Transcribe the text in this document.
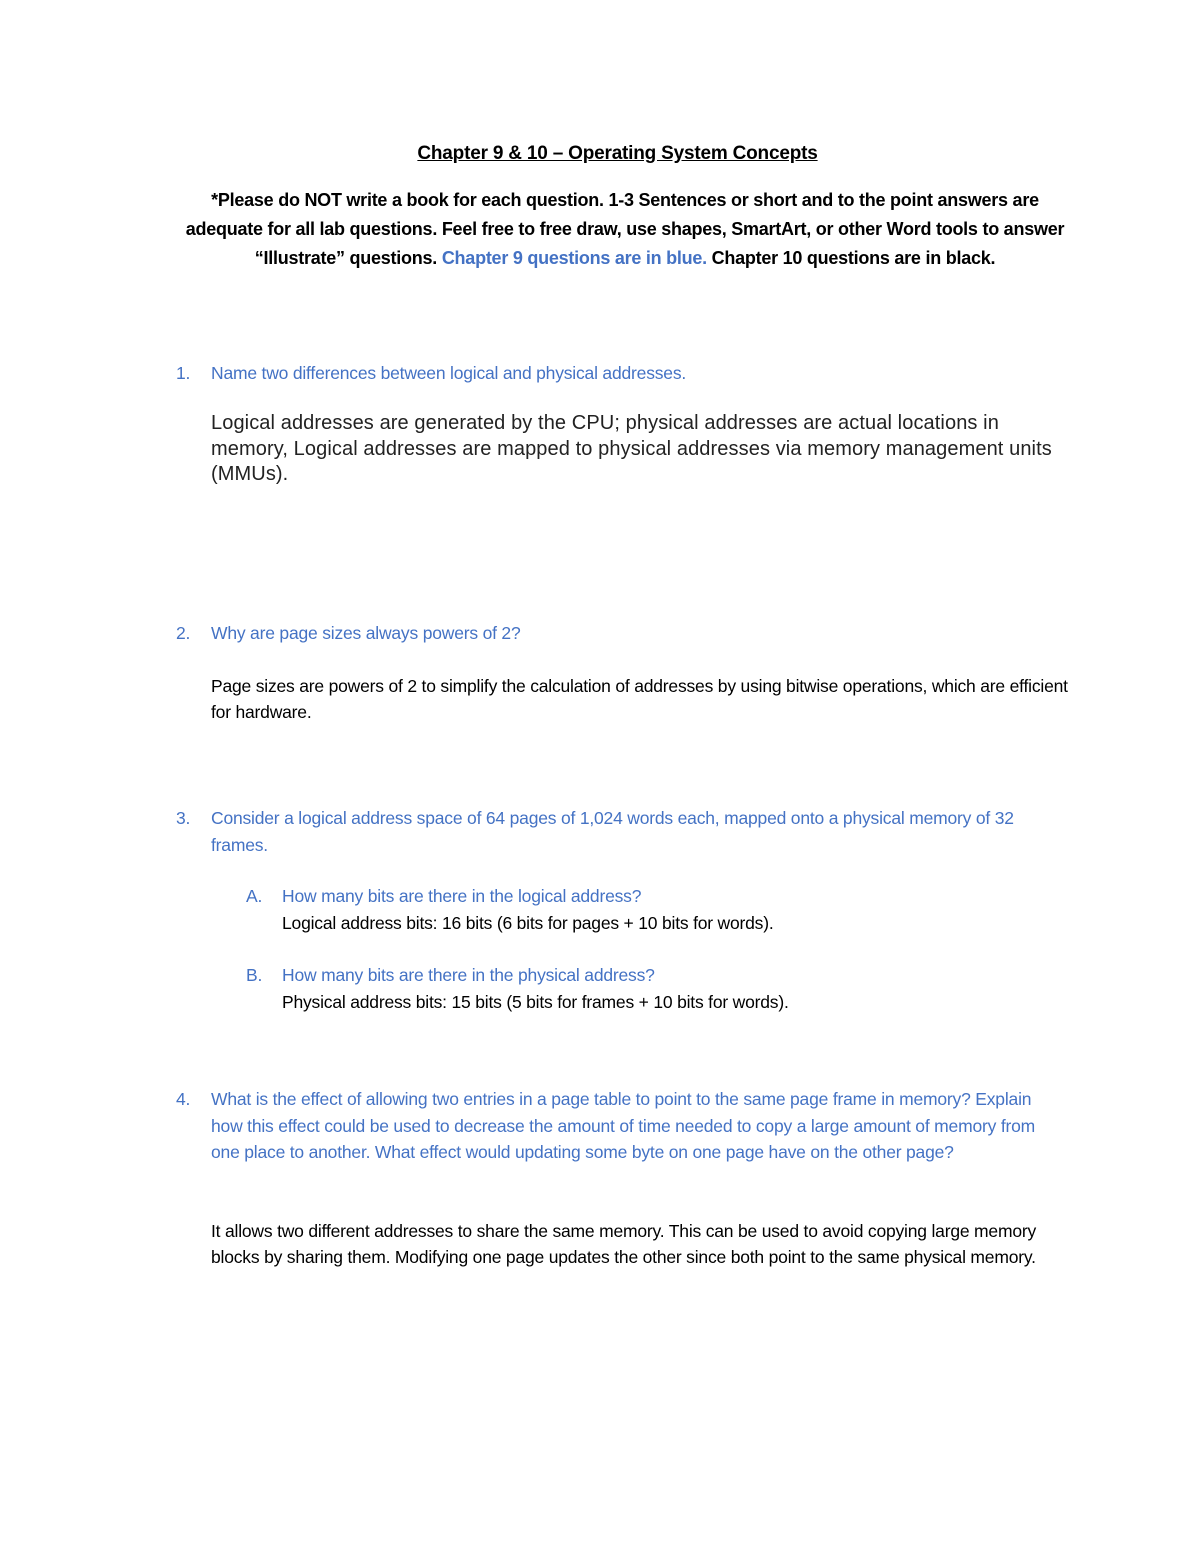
Chapter 9 & 10 – Operating System Concepts
*Please do NOT write a book for each question. 1-3 Sentences or short and to the point answers are adequate for all lab questions. Feel free to free draw, use shapes, SmartArt, or other Word tools to answer “Illustrate” questions. Chapter 9 questions are in blue. Chapter 10 questions are in black.
1. Name two differences between logical and physical addresses.
Logical addresses are generated by the CPU; physical addresses are actual locations in memory, Logical addresses are mapped to physical addresses via memory management units (MMUs).
2. Why are page sizes always powers of 2?
Page sizes are powers of 2 to simplify the calculation of addresses by using bitwise operations, which are efficient for hardware.
3. Consider a logical address space of 64 pages of 1,024 words each, mapped onto a physical memory of 32 frames.
A. How many bits are there in the logical address?
Logical address bits: 16 bits (6 bits for pages + 10 bits for words).
B. How many bits are there in the physical address?
Physical address bits: 15 bits (5 bits for frames + 10 bits for words).
4. What is the effect of allowing two entries in a page table to point to the same page frame in memory? Explain how this effect could be used to decrease the amount of time needed to copy a large amount of memory from one place to another. What effect would updating some byte on one page have on the other page?
It allows two different addresses to share the same memory. This can be used to avoid copying large memory blocks by sharing them. Modifying one page updates the other since both point to the same physical memory.
